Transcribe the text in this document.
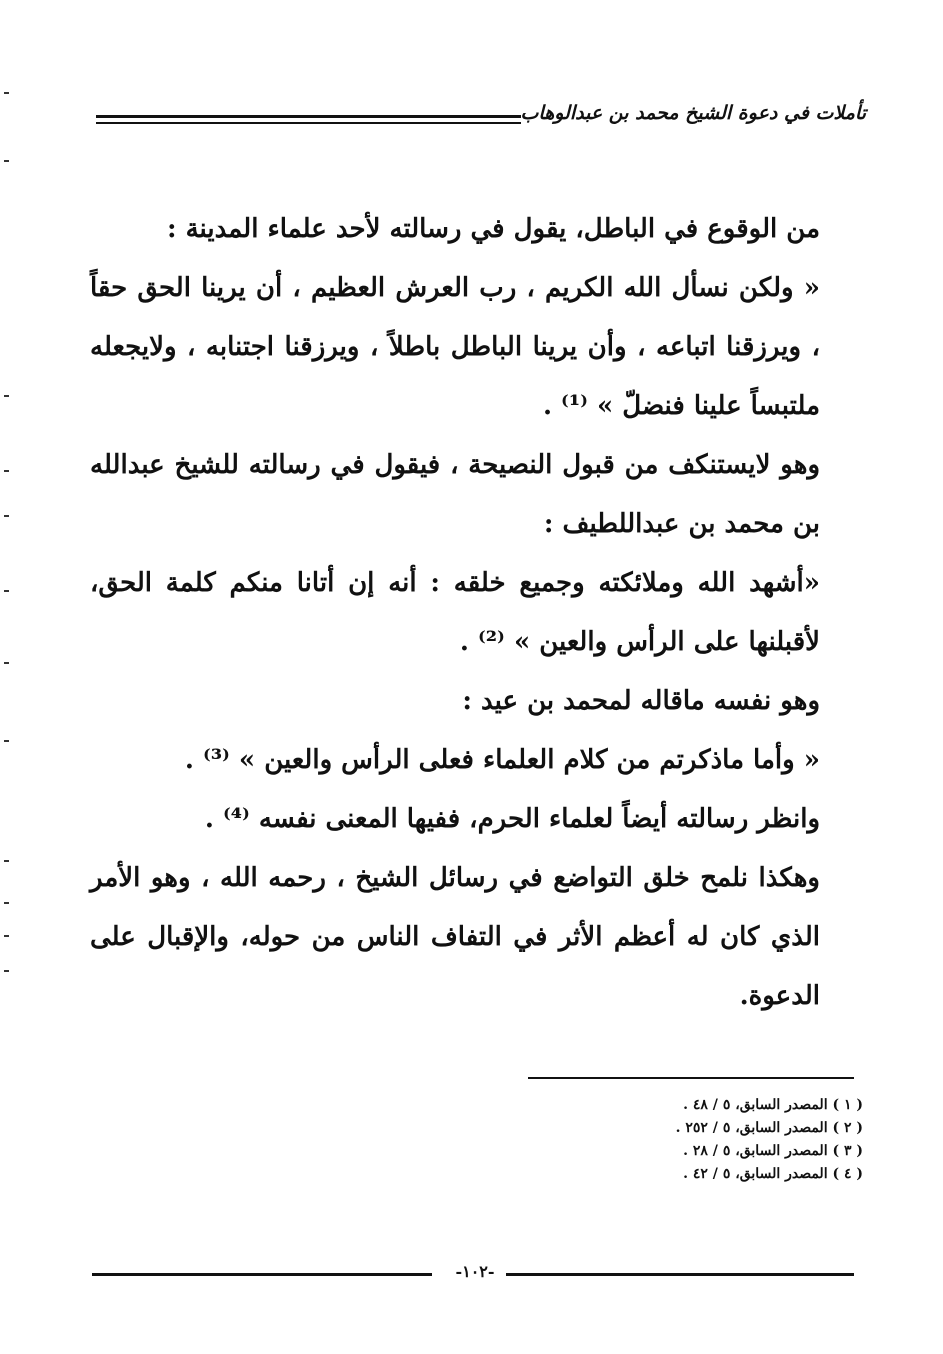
تأملات في دعوة الشيخ محمد بن عبدالوهاب

من الوقوع في الباطل، يقول في رسالته لأحد علماء المدينة :

« ولكن نسأل الله الكريم ، رب العرش العظيم ، أن يرينا الحق حقاً ، ويرزقنا اتباعه ، وأن يرينا الباطل باطلاً ، ويرزقنا اجتنابه ، ولايجعله ملتبساً علينا فنضلّ » ⁽¹⁾ .

وهو لايستنكف من قبول النصيحة ، فيقول في رسالته للشيخ عبدالله بن محمد بن عبداللطيف :

«أشهد الله وملائكته وجميع خلقه : أنه إن أتانا منكم كلمة الحق، لأقبلنها على الرأس والعين » ⁽²⁾ .

وهو نفسه ماقاله لمحمد بن عيد :

« وأما ماذكرتم من كلام العلماء فعلى الرأس والعين » ⁽³⁾ .

وانظر رسالته أيضاً لعلماء الحرم، ففيها المعنى نفسه ⁽⁴⁾ .

وهكذا نلمح خلق التواضع في رسائل الشيخ ، رحمه الله ، وهو الأمر الذي كان له أعظم الأثر في التفاف الناس من حوله، والإقبال على الدعوة.

( ١ ) المصدر السابق، ٥ / ٤٨ .
( ٢ ) المصدر السابق، ٥ / ٢٥٢ .
( ٣ ) المصدر السابق، ٥ / ٢٨ .
( ٤ ) المصدر السابق، ٥ / ٤٢ .
-١٠٢-
